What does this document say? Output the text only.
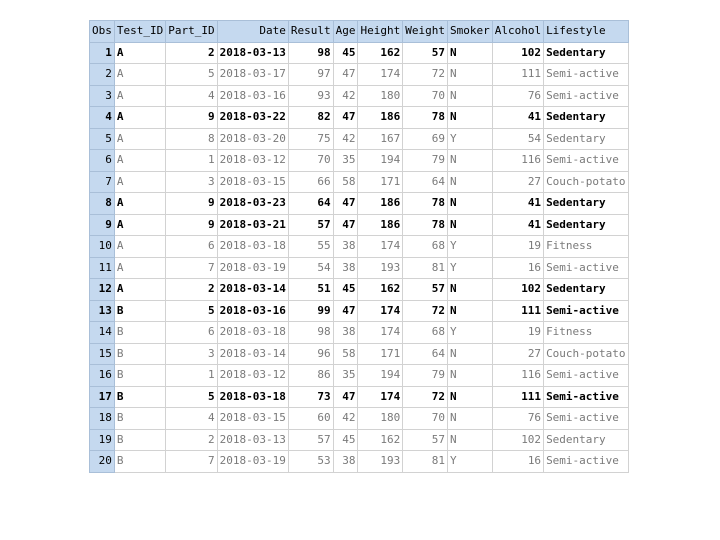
Obs	Test_ID	Part_ID	Date	Result	Age	Height	Weight	Smoker	Alcohol	Lifestyle
1	A	2	2018-03-13	98	45	162	57	N	102	Sedentary
2	A	5	2018-03-17	97	47	174	72	N	111	Semi-active
3	A	4	2018-03-16	93	42	180	70	N	76	Semi-active
4	A	9	2018-03-22	82	47	186	78	N	41	Sedentary
5	A	8	2018-03-20	75	42	167	69	Y	54	Sedentary
6	A	1	2018-03-12	70	35	194	79	N	116	Semi-active
7	A	3	2018-03-15	66	58	171	64	N	27	Couch-potato
8	A	9	2018-03-23	64	47	186	78	N	41	Sedentary
9	A	9	2018-03-21	57	47	186	78	N	41	Sedentary
10	A	6	2018-03-18	55	38	174	68	Y	19	Fitness
11	A	7	2018-03-19	54	38	193	81	Y	16	Semi-active
12	A	2	2018-03-14	51	45	162	57	N	102	Sedentary
13	B	5	2018-03-16	99	47	174	72	N	111	Semi-active
14	B	6	2018-03-18	98	38	174	68	Y	19	Fitness
15	B	3	2018-03-14	96	58	171	64	N	27	Couch-potato
16	B	1	2018-03-12	86	35	194	79	N	116	Semi-active
17	B	5	2018-03-18	73	47	174	72	N	111	Semi-active
18	B	4	2018-03-15	60	42	180	70	N	76	Semi-active
19	B	2	2018-03-13	57	45	162	57	N	102	Sedentary
20	B	7	2018-03-19	53	38	193	81	Y	16	Semi-active
